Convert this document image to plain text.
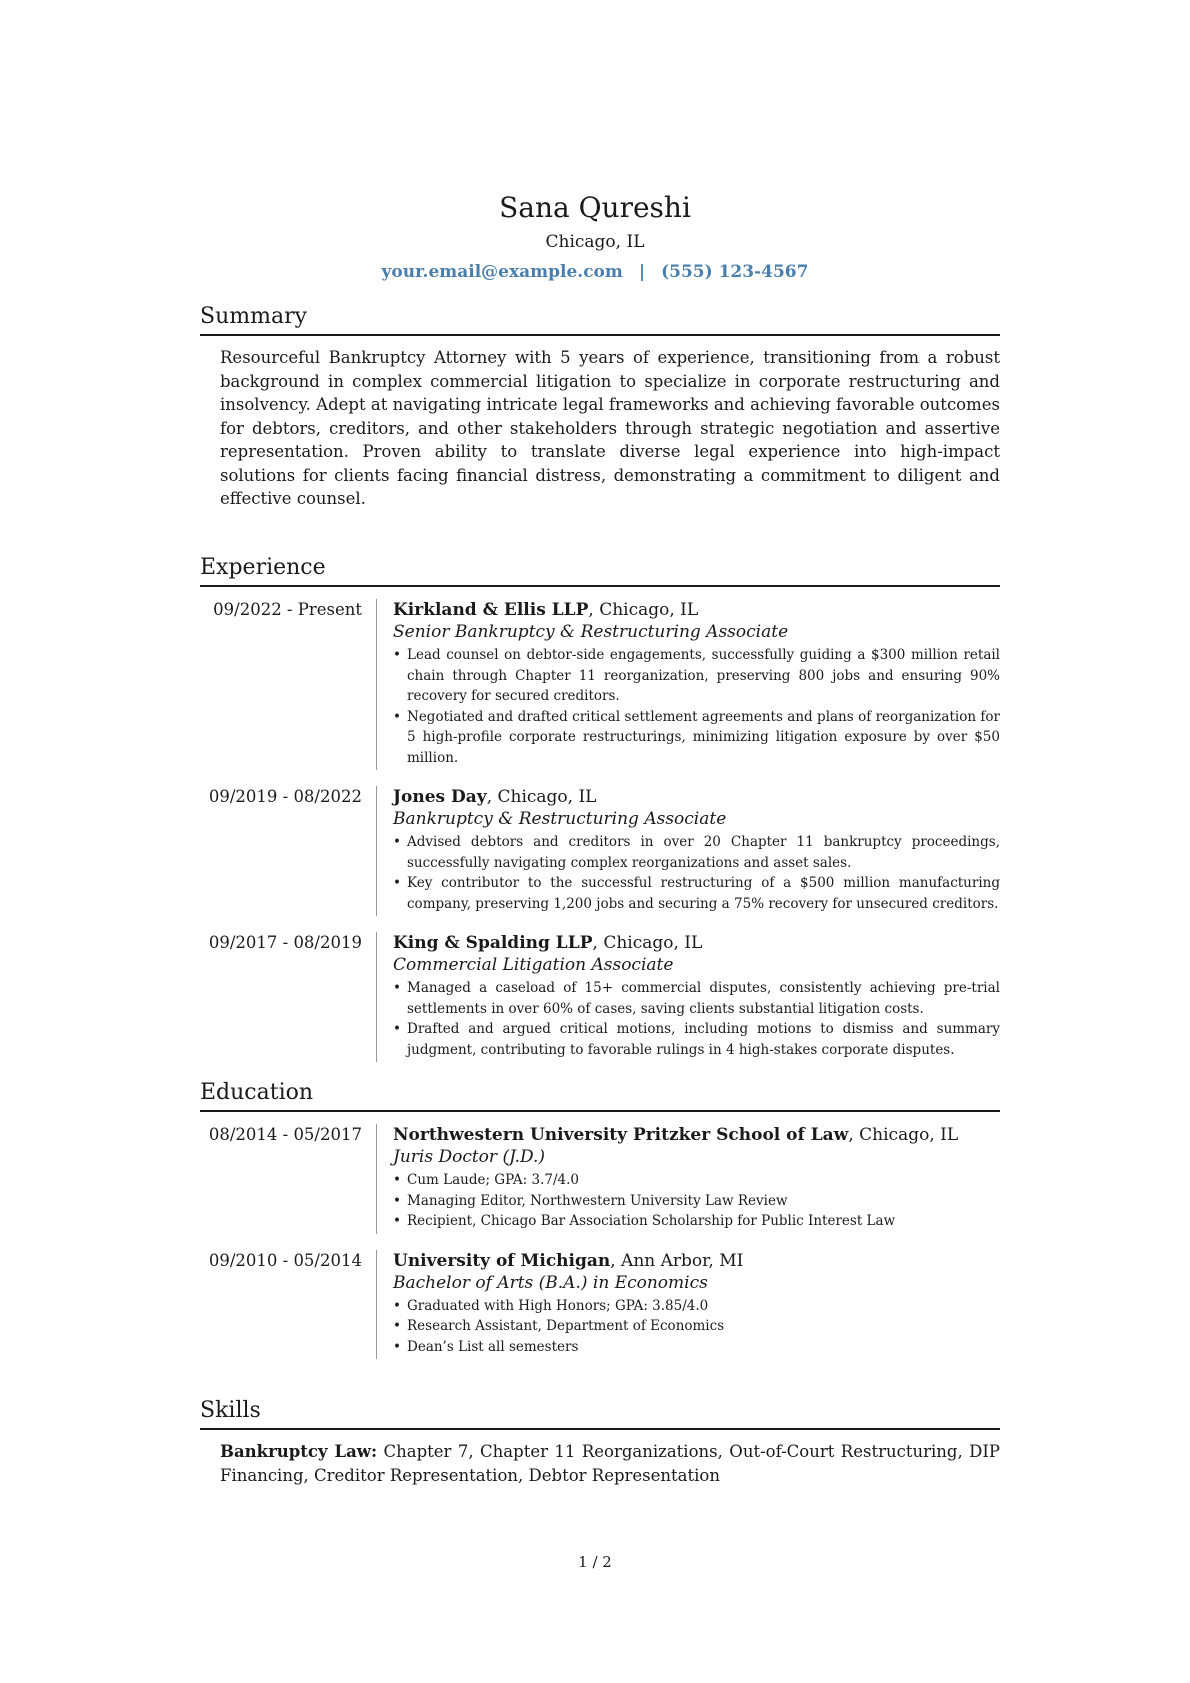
Sana Qureshi
Chicago, IL
your.email@example.com | (555) 123-4567
Summary
Resourceful Bankruptcy Attorney with 5 years of experience, transitioning from a robust background in complex commercial litigation to specialize in corporate restructuring and insolvency. Adept at navigating intricate legal frameworks and achieving favorable outcomes for debtors, creditors, and other stakeholders through strategic negotiation and assertive representation. Proven ability to translate diverse legal experience into high-impact solutions for clients facing financial distress, demonstrating a commitment to diligent and effective counsel.
Experience
09/2022 - Present	Kirkland & Ellis LLP, Chicago, IL
Senior Bankruptcy & Restructuring Associate
• Lead counsel on debtor-side engagements, successfully guiding a $300 million retail chain through Chapter 11 reorganization, preserving 800 jobs and ensuring 90% recovery for secured creditors.
• Negotiated and drafted critical settlement agreements and plans of reorganization for 5 high-profile corporate restructurings, minimizing litigation exposure by over $50 million.
09/2019 - 08/2022	Jones Day, Chicago, IL
Bankruptcy & Restructuring Associate
• Advised debtors and creditors in over 20 Chapter 11 bankruptcy proceedings, successfully navigating complex reorganizations and asset sales.
• Key contributor to the successful restructuring of a $500 million manufacturing company, preserving 1,200 jobs and securing a 75% recovery for unsecured creditors.
09/2017 - 08/2019	King & Spalding LLP, Chicago, IL
Commercial Litigation Associate
• Managed a caseload of 15+ commercial disputes, consistently achieving pre-trial settlements in over 60% of cases, saving clients substantial litigation costs.
• Drafted and argued critical motions, including motions to dismiss and summary judgment, contributing to favorable rulings in 4 high-stakes corporate disputes.
Education
08/2014 - 05/2017	Northwestern University Pritzker School of Law, Chicago, IL
Juris Doctor (J.D.)
• Cum Laude; GPA: 3.7/4.0
• Managing Editor, Northwestern University Law Review
• Recipient, Chicago Bar Association Scholarship for Public Interest Law
09/2010 - 05/2014	University of Michigan, Ann Arbor, MI
Bachelor of Arts (B.A.) in Economics
• Graduated with High Honors; GPA: 3.85/4.0
• Research Assistant, Department of Economics
• Dean’s List all semesters
Skills
Bankruptcy Law: Chapter 7, Chapter 11 Reorganizations, Out-of-Court Restructuring, DIP Financing, Creditor Representation, Debtor Representation
1 / 2
